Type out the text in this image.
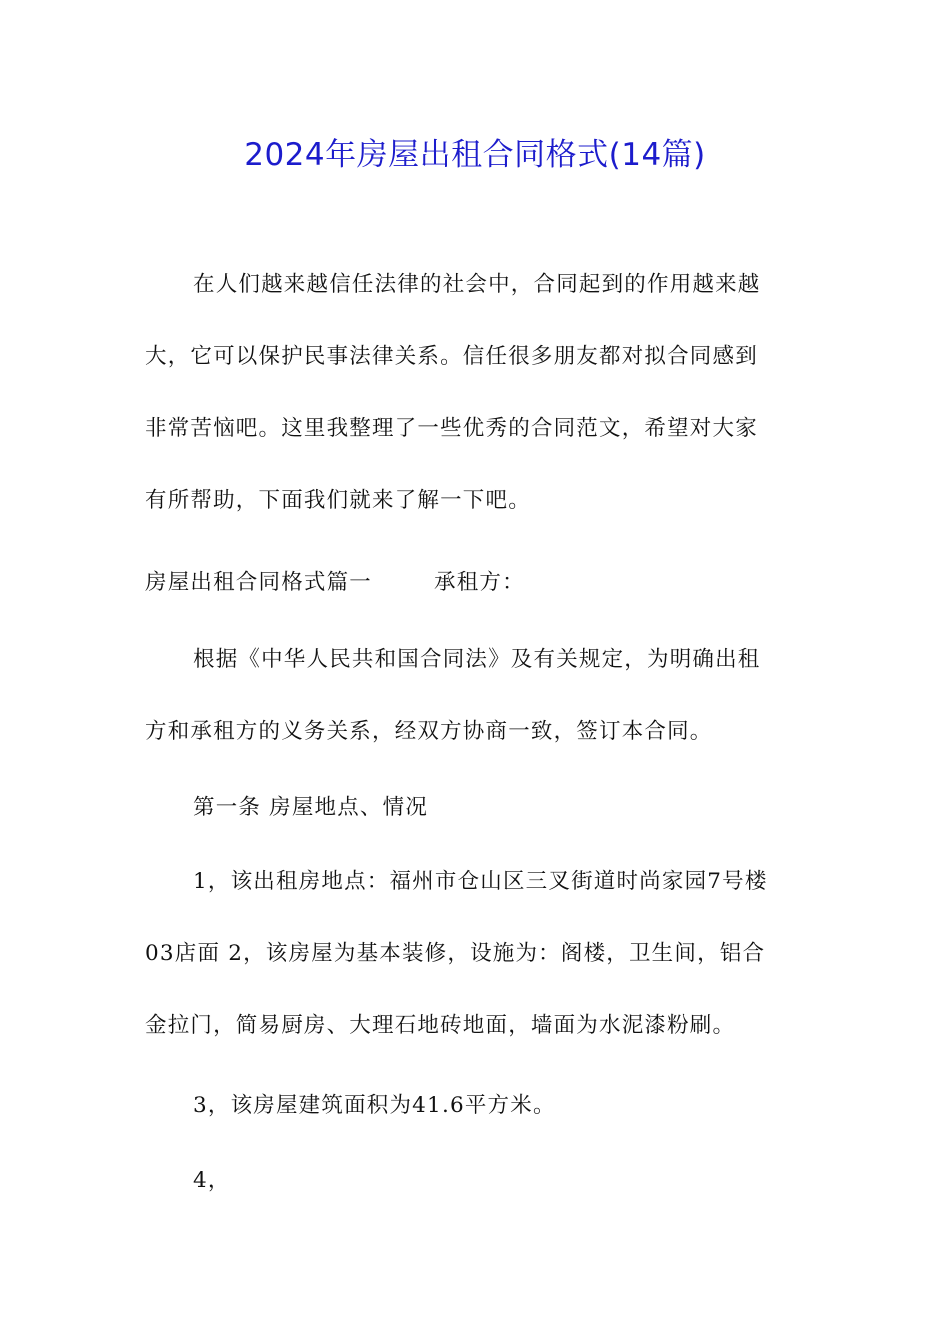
2024年房屋出租合同格式(14篇)
在人们越来越信任法律的社会中，合同起到的作用越来越
大，它可以保护民事法律关系。信任很多朋友都对拟合同感到
非常苦恼吧。这里我整理了一些优秀的合同范文，希望对大家
有所帮助，下面我们就来了解一下吧。
房屋出租合同格式篇一	承租方：
根据《中华人民共和国合同法》及有关规定，为明确出租
方和承租方的义务关系，经双方协商一致，签订本合同。
第一条 房屋地点、情况
1，该出租房地点：福州市仓山区三叉街道时尚家园7号楼
03店面 2，该房屋为基本装修，设施为：阁楼，卫生间，铝合
金拉门，简易厨房、大理石地砖地面，墙面为水泥漆粉刷。
3，该房屋建筑面积为41.6平方米。
4，
